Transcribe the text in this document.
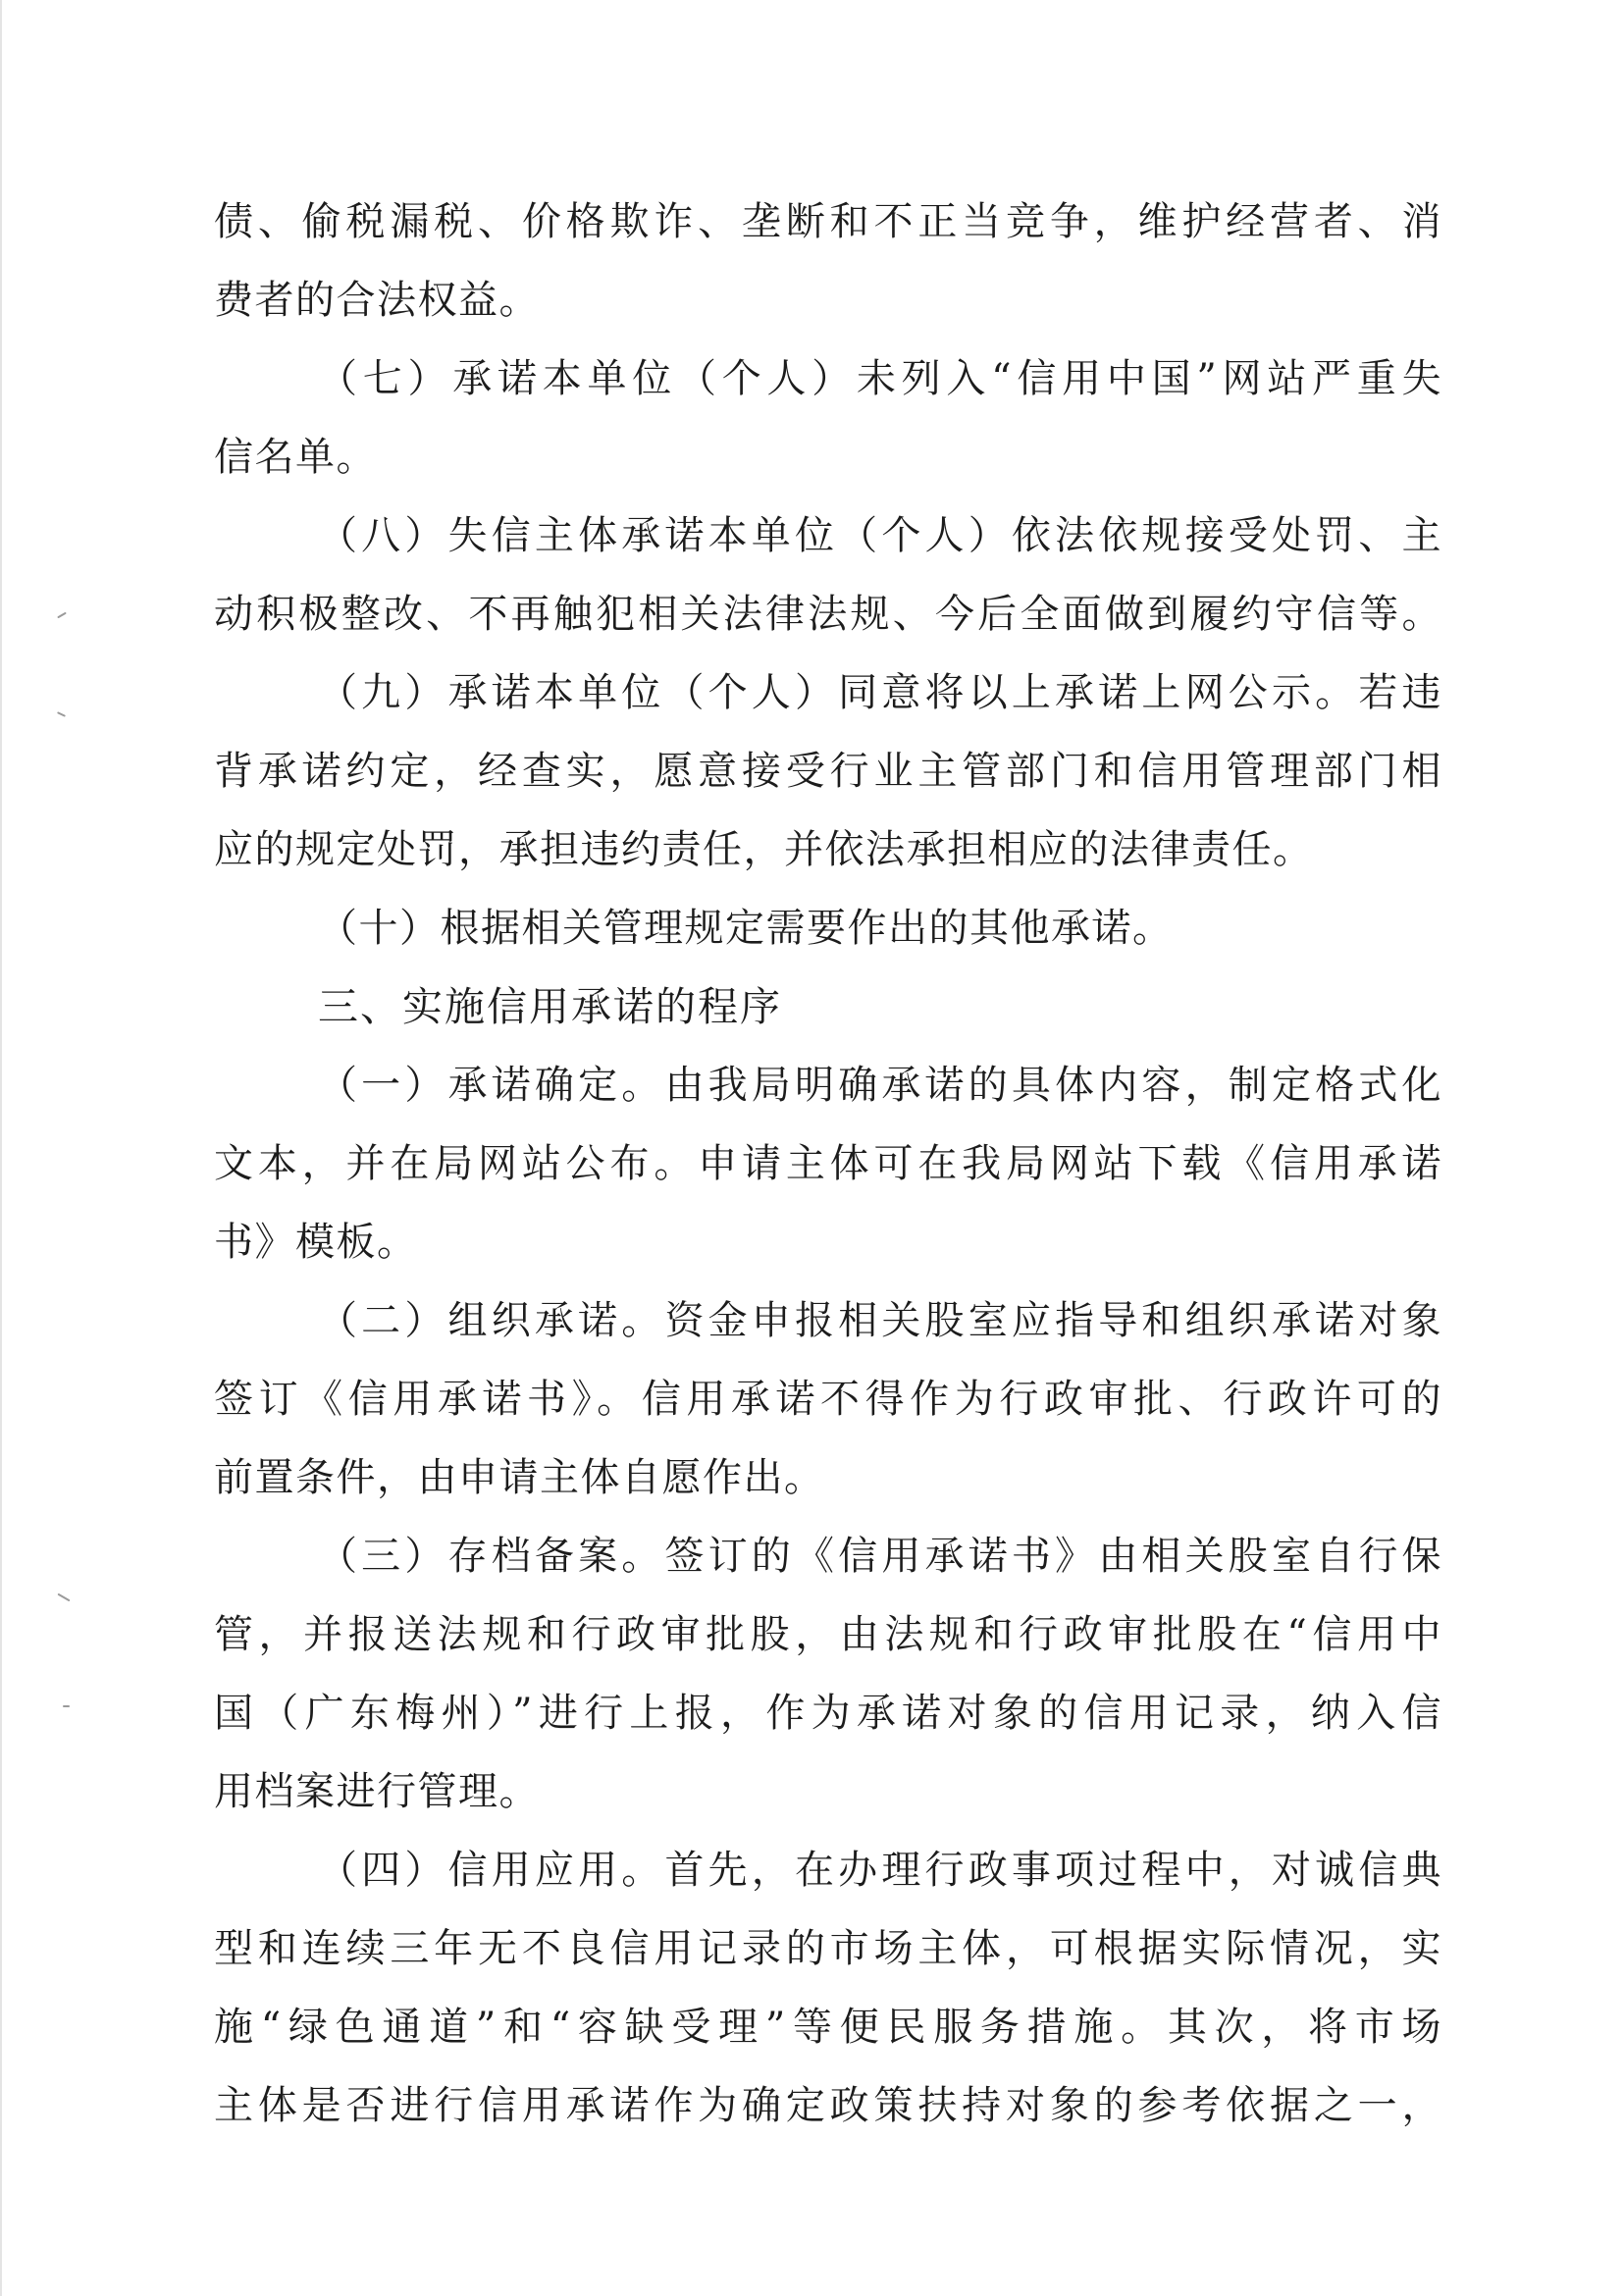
债、偷税漏税、价格欺诈、垄断和不正当竞争，维护经营者、消
费者的合法权益。
（七）承诺本单位（个人）未列入“信用中国”网站严重失
信名单。
（八）失信主体承诺本单位（个人）依法依规接受处罚、主
动积极整改、不再触犯相关法律法规、今后全面做到履约守信等。
（九）承诺本单位（个人）同意将以上承诺上网公示。若违
背承诺约定，经查实，愿意接受行业主管部门和信用管理部门相
应的规定处罚，承担违约责任，并依法承担相应的法律责任。
（十）根据相关管理规定需要作出的其他承诺。
三、实施信用承诺的程序
（一）承诺确定。由我局明确承诺的具体内容，制定格式化
文本，并在局网站公布。申请主体可在我局网站下载《信用承诺
书》模板。
（二）组织承诺。资金申报相关股室应指导和组织承诺对象
签订《信用承诺书》。信用承诺不得作为行政审批、行政许可的
前置条件，由申请主体自愿作出。
（三）存档备案。签订的《信用承诺书》由相关股室自行保
管，并报送法规和行政审批股，由法规和行政审批股在“信用中
国（广东梅州）”进行上报，作为承诺对象的信用记录，纳入信
用档案进行管理。
（四）信用应用。首先，在办理行政事项过程中，对诚信典
型和连续三年无不良信用记录的市场主体，可根据实际情况，实
施“绿色通道”和“容缺受理”等便民服务措施。其次，将市场
主体是否进行信用承诺作为确定政策扶持对象的参考依据之一，
